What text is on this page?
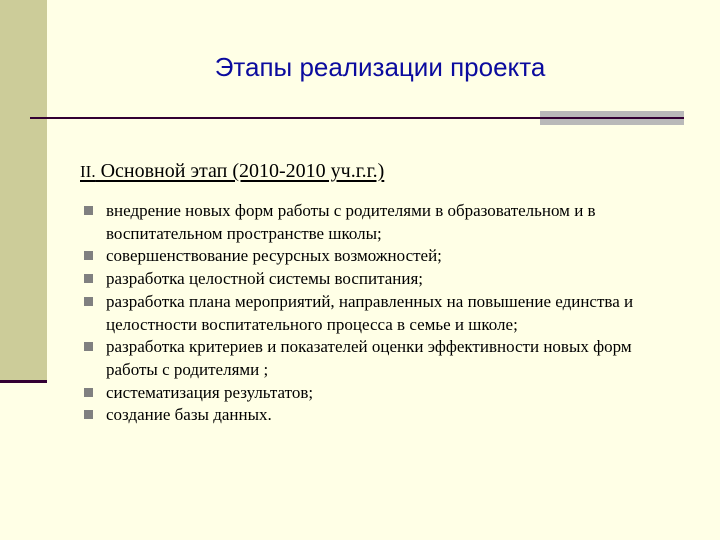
Этапы реализации проекта
II. Основной этап (2010-2010 уч.г.г.)
внедрение новых форм работы с родителями в образовательном и в воспитательном пространстве школы;
совершенствование ресурсных возможностей;
разработка целостной системы воспитания;
разработка плана мероприятий, направленных на повышение единства и целостности воспитательного процесса в семье и школе;
разработка критериев и показателей оценки эффективности новых форм работы с родителями ;
систематизация результатов;
создание базы данных.
